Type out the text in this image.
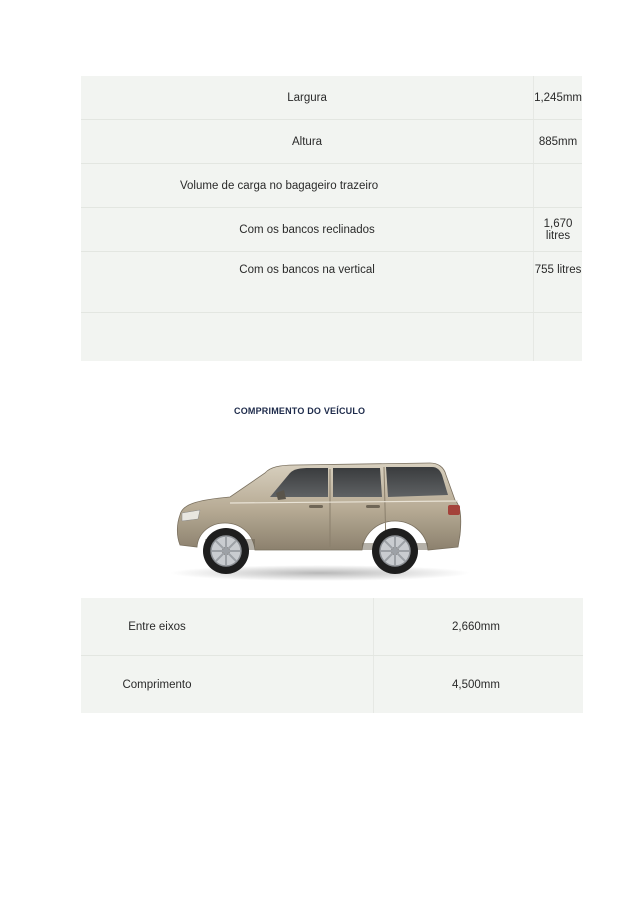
Largura	1,245mm
Altura	885mm
Volume de carga no bagageiro trazeiro	
Com os bancos reclinados	1,670 litres
Com os bancos na vertical	755 litres

COMPRIMENTO DO VEÍCULO
Entre eixos	2,660mm
Comprimento	4,500mm
